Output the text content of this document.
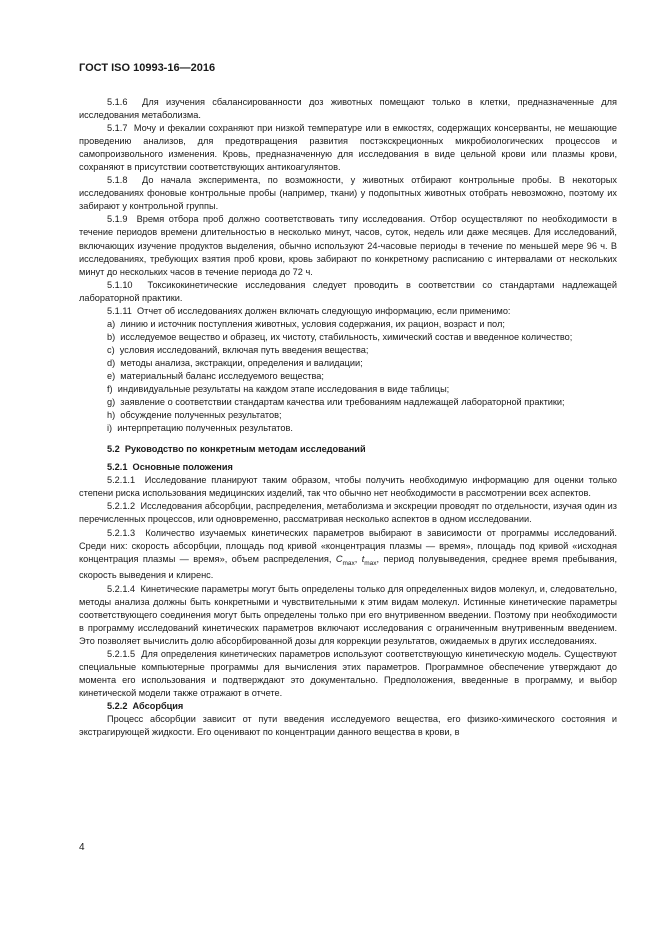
ГОСТ ISO 10993-16—2016

5.1.6 Для изучения сбалансированности доз животных помещают только в клетки, предназначенные для исследования метаболизма.

5.1.7 Мочу и фекалии сохраняют при низкой температуре или в емкостях, содержащих консерванты, не мешающие проведению анализов, для предотвращения развития постэкскреционных микробиологических процессов и самопроизвольного изменения. Кровь, предназначенную для исследования в виде цельной крови или плазмы крови, сохраняют в присутствии соответствующих антикоагулянтов.

5.1.8 До начала эксперимента, по возможности, у животных отбирают контрольные пробы. В некоторых исследованиях фоновые контрольные пробы (например, ткани) у подопытных животных отобрать невозможно, поэтому их забирают у контрольной группы.

5.1.9 Время отбора проб должно соответствовать типу исследования. Отбор осуществляют по необходимости в течение периодов времени длительностью в несколько минут, часов, суток, недель или даже месяцев. Для исследований, включающих изучение продуктов выделения, обычно используют 24-часовые периоды в течение по меньшей мере 96 ч. В исследованиях, требующих взятия проб крови, кровь забирают по конкретному расписанию с интервалами от нескольких минут до нескольких часов в течение периода до 72 ч.

5.1.10 Токсикокинетические исследования следует проводить в соответствии со стандартами надлежащей лабораторной практики.

5.1.11 Отчет об исследованиях должен включать следующую информацию, если применимо:

a) линию и источник поступления животных, условия содержания, их рацион, возраст и пол;

b) исследуемое вещество и образец, их чистоту, стабильность, химический состав и введенное количество;

c) условия исследований, включая путь введения вещества;

d) методы анализа, экстракции, определения и валидации;

e) материальный баланс исследуемого вещества;

f) индивидуальные результаты на каждом этапе исследования в виде таблицы;

g) заявление о соответствии стандартам качества или требованиям надлежащей лабораторной практики;

h) обсуждение полученных результатов;

i) интерпретацию полученных результатов.

5.2 Руководство по конкретным методам исследований

5.2.1 Основные положения

5.2.1.1 Исследование планируют таким образом, чтобы получить необходимую информацию для оценки только степени риска использования медицинских изделий, так что обычно нет необходимости в рассмотрении всех аспектов.

5.2.1.2 Исследования абсорбции, распределения, метаболизма и экскреции проводят по отдельности, изучая один из перечисленных процессов, или одновременно, рассматривая несколько аспектов в одном исследовании.

5.2.1.3 Количество изучаемых кинетических параметров выбирают в зависимости от программы исследований. Среди них: скорость абсорбции, площадь под кривой «концентрация плазмы — время», площадь под кривой «исходная концентрация плазмы — время», объем распределения, $C_{max}$, $t_{max}$, период полувыведения, среднее время пребывания, скорость выведения и клиренс.

5.2.1.4 Кинетические параметры могут быть определены только для определенных видов молекул, и, следовательно, методы анализа должны быть конкретными и чувствительными к этим видам молекул. Истинные кинетические параметры соответствующего соединения могут быть определены только при его внутривенном введении. Поэтому при необходимости в программу исследований кинетических параметров включают исследования с ограниченным внутривенным введением. Это позволяет вычислить долю абсорбированной дозы для коррекции результатов, ожидаемых в других исследованиях.

5.2.1.5 Для определения кинетических параметров используют соответствующую кинетическую модель. Существуют специальные компьютерные программы для вычисления этих параметров. Программное обеспечение утверждают до момента его использования и подтверждают это документально. Предположения, введенные в программу, и выбор кинетической модели также отражают в отчете.

5.2.2 Абсорбция

Процесс абсорбции зависит от пути введения исследуемого вещества, его физико-химического состояния и экстрагирующей жидкости. Его оценивают по концентрации данного вещества в крови, в

4
